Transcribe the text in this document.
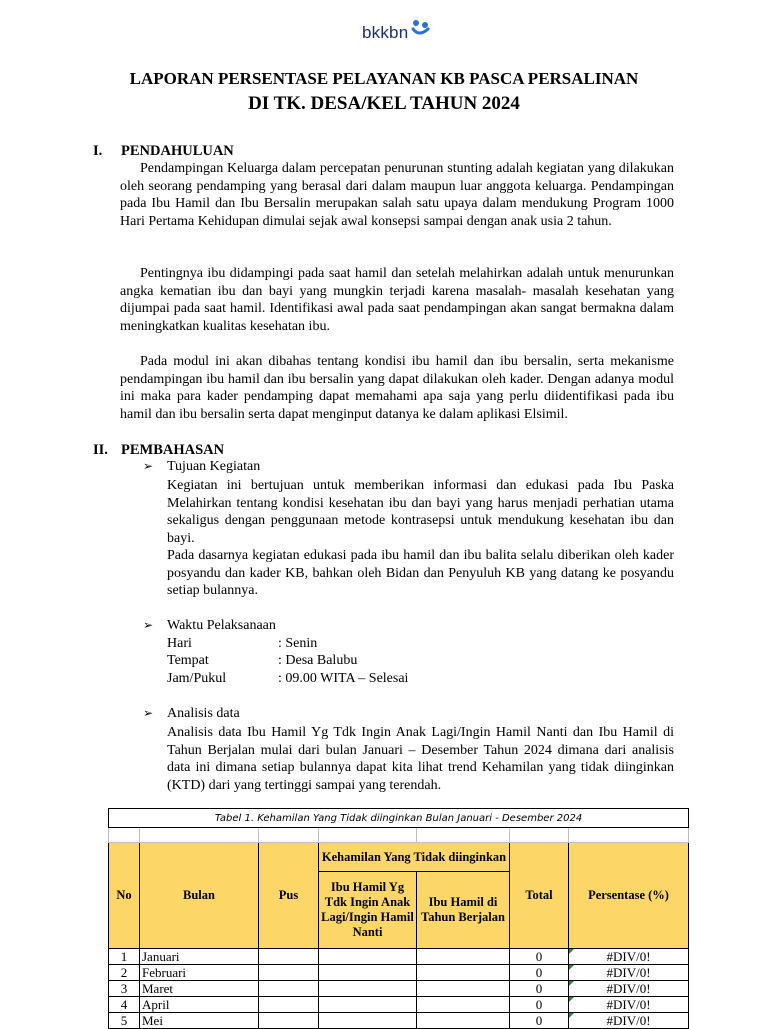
bkkbn
LAPORAN PERSENTASE PELAYANAN KB PASCA PERSALINAN
DI TK. DESA/KEL TAHUN 2024
I. PENDAHULUAN

Pendampingan Keluarga dalam percepatan penurunan stunting adalah kegiatan yang dilakukan oleh seorang pendamping yang berasal dari dalam maupun luar anggota keluarga. Pendampingan pada Ibu Hamil dan Ibu Bersalin merupakan salah satu upaya dalam mendukung Program 1000 Hari Pertama Kehidupan dimulai sejak awal konsepsi sampai dengan anak usia 2 tahun.

Pentingnya ibu didampingi pada saat hamil dan setelah melahirkan adalah untuk menurunkan angka kematian ibu dan bayi yang mungkin terjadi karena masalah- masalah kesehatan yang dijumpai pada saat hamil. Identifikasi awal pada saat pendampingan akan sangat bermakna dalam meningkatkan kualitas kesehatan ibu.

Pada modul ini akan dibahas tentang kondisi ibu hamil dan ibu bersalin, serta mekanisme pendampingan ibu hamil dan ibu bersalin yang dapat dilakukan oleh kader. Dengan adanya modul ini maka para kader pendamping dapat memahami apa saja yang perlu diidentifikasi pada ibu hamil dan ibu bersalin serta dapat menginput datanya ke dalam aplikasi Elsimil.

II. PEMBAHASAN
➢ Tujuan Kegiatan

Kegiatan ini bertujuan untuk memberikan informasi dan edukasi pada Ibu Paska Melahirkan tentang kondisi kesehatan ibu dan bayi yang harus menjadi perhatian utama sekaligus dengan penggunaan metode kontrasepsi untuk mendukung kesehatan ibu dan bayi.

Pada dasarnya kegiatan edukasi pada ibu hamil dan ibu balita selalu diberikan oleh kader posyandu dan kader KB, bahkan oleh Bidan dan Penyuluh KB yang datang ke posyandu setiap bulannya.

➢ Waktu Pelaksanaan
Hari	: Senin
Tempat	: Desa Balubu
Jam/Pukul	: 09.00 WITA – Selesai
➢ Analisis data

Analisis data Ibu Hamil Yg Tdk Ingin Anak Lagi/Ingin Hamil Nanti dan Ibu Hamil di Tahun Berjalan mulai dari bulan Januari – Desember Tahun 2024 dimana dari analisis data ini dimana setiap bulannya dapat kita lihat trend Kehamilan yang tidak diinginkan (KTD) dari yang tertinggi sampai yang terendah.

Tabel 1. Kehamilan Yang Tidak diinginkan Bulan Januari - Desember 2024						

No	Bulan	Pus	Kehamilan Yang Tidak diinginkan		Total	Persentase (%)
			Ibu Hamil Yg Tdk Ingin Anak Lagi/Ingin Hamil Nanti	Ibu Hamil di Tahun Berjalan		
1	Januari				0	#DIV/0!
2	Februari				0	#DIV/0!
3	Maret				0	#DIV/0!
4	April				0	#DIV/0!
5	Mei				0	#DIV/0!
